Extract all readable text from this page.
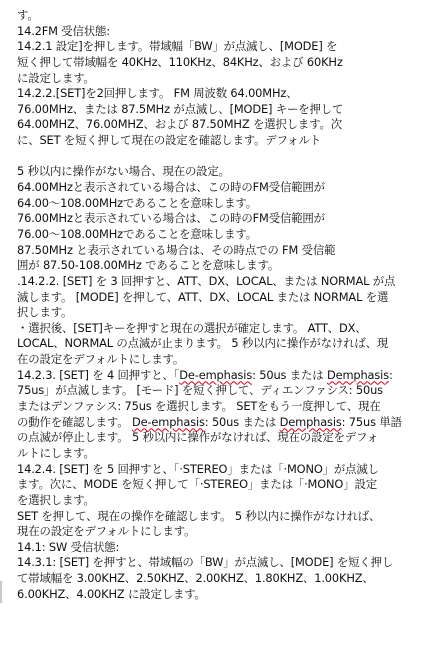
す。
14.2FM 受信状態:
14.2.1 設定]を押します。帯域幅「BW」が点滅し、[MODE] を
短く押して帯域幅を 40KHz、110KHz、84KHz、および 60KHz
に設定します。
14.2.2.[SET]を2回押します。 FM 周波数 64.00MHz、
76.00MHz、または 87.5MHz が点滅し、[MODE] キーを押して
64.00MHZ、76.00MHZ、および 87.50MHZ を選択します。次
に、SET を短く押して現在の設定を確認します。デフォルト
5 秒以内に操作がない場合、現在の設定。
64.00MHzと表示されている場合は、この時のFM受信範囲が
64.00～108.00MHzであることを意味します。
76.00MHzと表示されている場合は、この時のFM受信範囲が
76.00～108.00MHzであることを意味します。
87.50MHz と表示されている場合は、その時点での FM 受信範
囲が 87.50-108.00MHz であることを意味します。
.14.2.2. [SET] を 3 回押すと、ATT、DX、LOCAL、または NORMAL が点
滅します。 [MODE] を押して、ATT、DX、LOCAL または NORMAL を選
択します。
・選択後、[SET]キーを押すと現在の選択が確定します。 ATT、DX、
LOCAL、NORMAL の点滅が止まります。 5 秒以内に操作がなければ、現
在の設定をデフォルトにします。
14.2.3. [SET] を 4 回押すと、「De-emphasis: 50us または Demphasis:
75us」が点滅します。 [モード] を短く押して、ディエンファシス: 50us
またはデンファシス: 75us を選択します。 SETをもう一度押して、現在
の動作を確認します。 De-emphasis: 50us または Demphasis: 75us 単語
の点滅が停止します。 5 秒以内に操作がなければ、現在の設定をデフォ
ルトにします。
14.2.4. [SET] を 5 回押すと、「·STEREO」または「·MONO」が点滅し
ます。次に、MODE を短く押して「·STEREO」または「·MONO」設定
を選択します。
SET を押して、現在の操作を確認します。 5 秒以内に操作がなければ、
現在の設定をデフォルトにします。
14.1: SW 受信状態:
14.3.1: [SET] を押すと、帯域幅の「BW」が点滅し、[MODE] を短く押し
て帯域幅を 3.00KHZ、2.50KHZ、2.00KHZ、1.80KHZ、1.00KHZ、
6.00KHZ、4.00KHZ に設定します。
